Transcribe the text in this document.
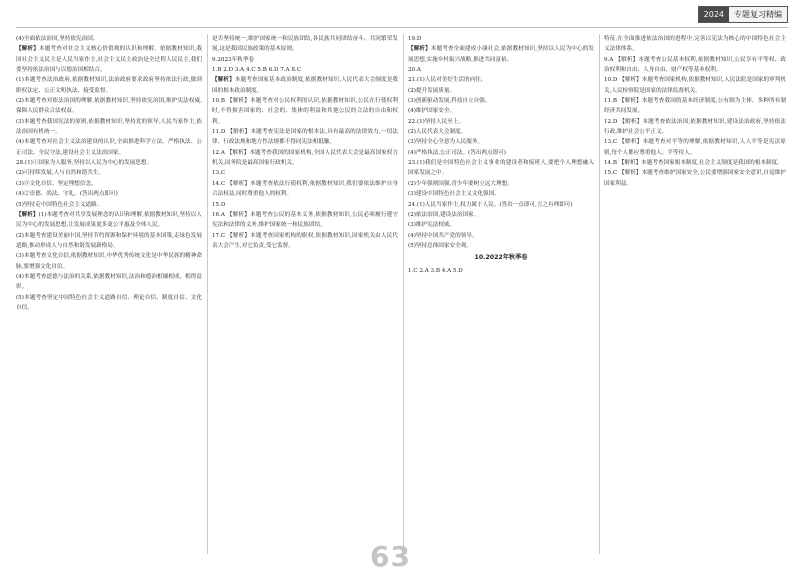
2024	专题复习精编

(4)全面依法治国,坚持依宪治国。

【解析】本题考查对社会主义核心价值观的认识和理解。依据教材知识,我国社会主义民主是人民当家作主,社会主义民主政治是全过程人民民主,我们要坚持依法治国与以德治国相结合。

(1)本题考查法治政府,依据教材知识,法治政府要求政府坚持依法行政,做到职权法定、公正文明执法、接受监督。

(2)本题考查对依法治国的理解,依据教材知识,坚持依宪治国,维护宪法权威,保障人民群众合法权益。

(3)本题考查我国宪法的原则,依据教材知识,坚持党的领导,人民当家作主,依法治国有机统一。

(4)本题考查对社会主义法治建设的认识,全面推进科学立法、严格执法、公正司法、全民守法,建设社会主义法治国家。

28.(1)①国家为人服务,坚持以人民为中心的发展思想。

(2)可持续发展,人与自然和谐共生。

(3)③文化自信、坚定理想信念。

(4)②崇德、尚法、守礼。(答出两点即可)

(5)坚持走中国特色社会主义道路。

【解析】(1)本题考查对共享发展理念的认识和理解,依据教材知识,坚持以人民为中心的发展思想,让发展成果更多更公平惠及全体人民。

(2)本题考查建设美丽中国,坚持节约资源和保护环境的基本国策,走绿色发展道路,推动形成人与自然和谐发展新格局。

(3)本题考查文化自信,依据教材知识,中华优秀传统文化是中华民族的精神命脉,要增强文化自信。

(4)本题考查道德与法治的关系,依据教材知识,法治和德治相辅相成、相得益彰。

(5)本题考查坚定中国特色社会主义道路自信、理论自信、制度自信、文化自信。

是否坚持统一,维护国家统一和民族团结,各民族共同团结奋斗、共同繁荣发展,这是我国民族政策的基本原则。

9.2023年秋季卷

1.B 2.D 3.A 4.C 5.B 6.D 7.A 8.C

【解析】本题考查国家基本政治制度,依据教材知识,人民代表大会制度是我国的根本政治制度。

10.B 【解析】本题考查对公民权利的认识,依据教材知识,公民在行使权利时,不得损害国家的、社会的、集体的利益和其他公民的合法的自由和权利。

11.D 【解析】本题考查宪法是国家的根本法,具有最高的法律效力,一切法律、行政法规和地方性法规都不得同宪法相抵触。

12.A 【解析】本题考查我国的国家机构,全国人民代表大会是最高国家权力机关,国务院是最高国家行政机关。

13.C

14.C 【解析】本题考查依法行使权利,依据教材知识,我们要依法维护自身合法权益,同时尊重他人的权利。

15.D

16.A 【解析】本题考查公民的基本义务,依据教材知识,公民必须履行遵守宪法和法律的义务,维护国家统一和民族团结。

17.C 【解析】本题考查国家机构的职权,依据教材知识,国家机关由人民代表大会产生,对它负责,受它监督。

19.D

【解析】本题考查全面建成小康社会,依据教材知识,坚持以人民为中心的发展思想,实施乡村振兴战略,推进共同富裕。

20.A

21.(1)人民对美好生活的向往。

(2)提升发展质量。

(3)创新驱动发展,科技自立自强。

(4)维护国家安全。

22.(1)坚持人民至上。

(2)人民代表大会制度。

(3)坚持全心全意为人民服务。

(4)严格执法,公正司法。(答出两点即可)

23.(1)我们是中国特色社会主义事业的建设者和接班人,要把个人理想融入国家发展之中。

(2)少年强则国强,青少年要树立远大理想。

(3)建设中国特色社会主义文化强国。

24.(1)人民当家作主,权力属于人民。(答出一点即可,言之有理即可)

(2)依法治国,建设法治国家。

(3)维护宪法权威。

(4)坚持中国共产党的领导。

(5)坚持总体国家安全观。

10.2022年秋季卷

1.C 2.A 3.B 4.A 5.D

特征,在全面推进依法治国的进程中,完善以宪法为核心的中国特色社会主义法律体系。

9.A 【解析】本题考查公民基本权利,依据教材知识,公民享有平等权、政治权利和自由、人身自由、财产权等基本权利。

10.D 【解析】本题考查国家机构,依据教材知识,人民法院是国家的审判机关,人民检察院是国家的法律监督机关。

11.B 【解析】本题考查我国的基本经济制度,公有制为主体、多种所有制经济共同发展。

12.D 【解析】本题考查依法治国,依据教材知识,建设法治政府,坚持依法行政,维护社会公平正义。

13.C 【解析】本题考查对平等的理解,依据教材知识,人人平等是宪法原则,每个人都应尊重他人、平等待人。

14.B 【解析】本题考查国家根本制度,社会主义制度是我国的根本制度。

15.C 【解析】本题考查维护国家安全,公民要增强国家安全意识,自觉维护国家利益。

63
